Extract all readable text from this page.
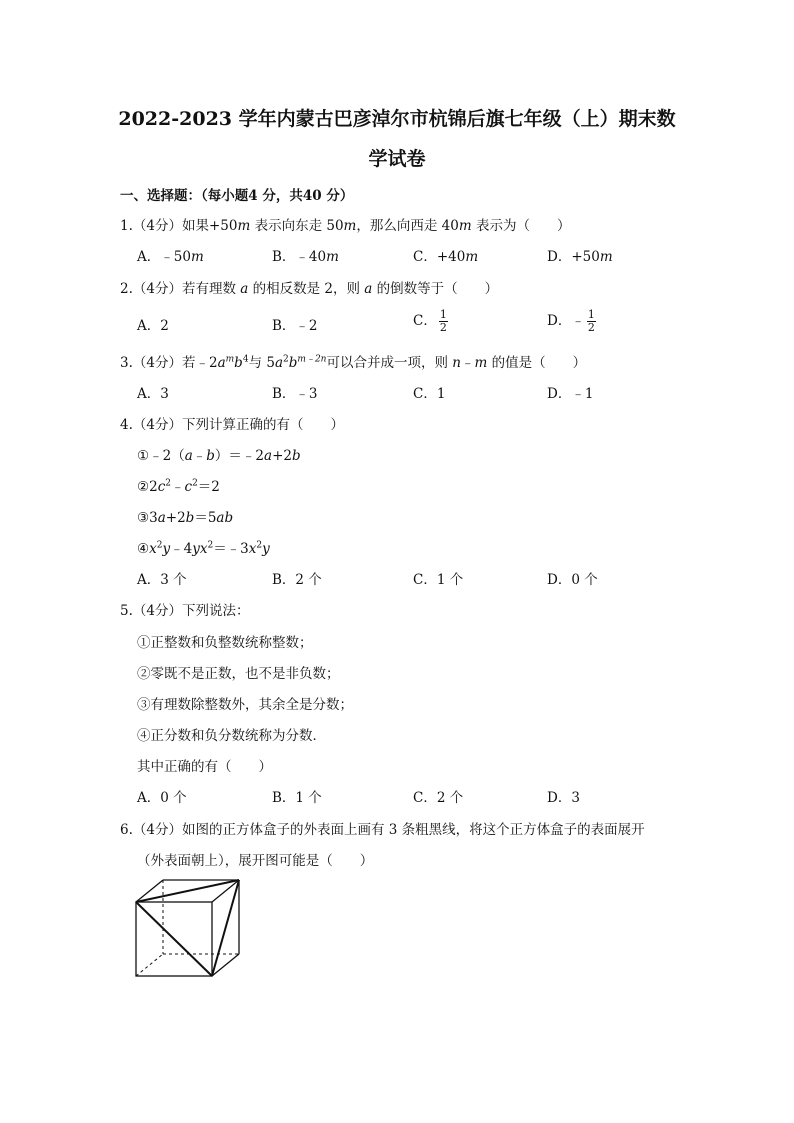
2022-2023 学年内蒙古巴彦淖尔市杭锦后旗七年级（上）期末数
学试卷
一、选择题：（每小题4 分，共40 分）
1.（4分）如果+50m 表示向东走 50m，那么向西走 40m 表示为（　　）
A．﹣50m	B．﹣40m	C．+40m	D．+50m
2.（4分）若有理数 a 的相反数是 2，则 a 的倒数等于（　　）
A．2	B．﹣2	C． $\frac{1}{2}$	D．﹣ $\frac{1}{2}$
3.（4分）若$﹣2a^mb^4$与 $5a^2b^{m﹣2n}$可以合并成一项，则 n﹣m 的值是（　　）
A．3	B．﹣3	C．1	D．﹣1
4.（4分）下列计算正确的有（　　）
①﹣2（a﹣b）＝﹣2a+2b
$②2c^2﹣c^2=2$
③3a+2b＝5ab
$④x^2y﹣4yx^2=﹣3x^2y$
A．3 个	B．2 个	C．1 个	D．0 个
5.（4分）下列说法：
①正整数和负整数统称整数；
②零既不是正数，也不是非负数；
③有理数除整数外，其余全是分数；
④正分数和负分数统称为分数．
其中正确的有（　　）
A．0 个	B．1 个	C．2 个	D．3
6.（4分）如图的正方体盒子的外表面上画有 3 条粗黑线，将这个正方体盒子的表面展开
（外表面朝上），展开图可能是（　　）
